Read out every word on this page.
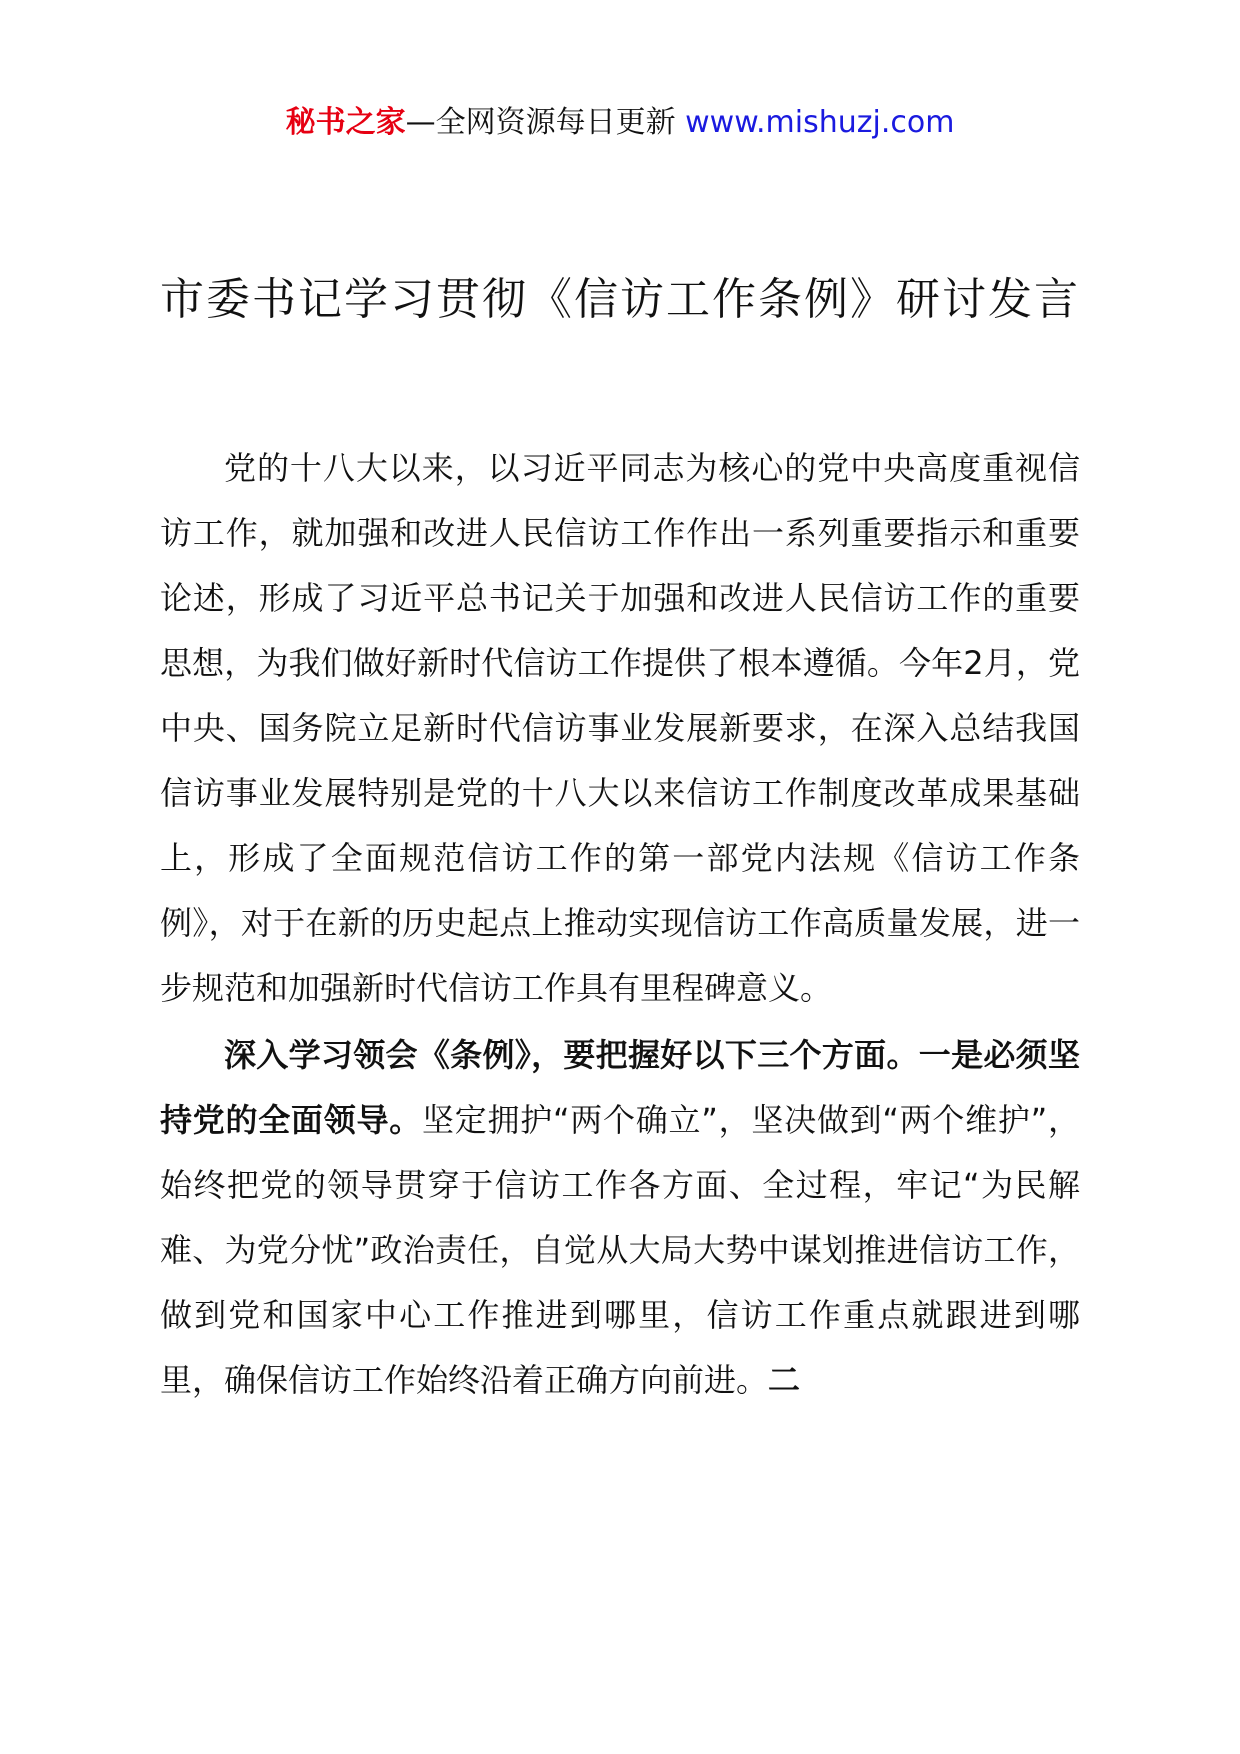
秘书之家—全网资源每日更新 www.mishuzj.com
市委书记学习贯彻《信访工作条例》研讨发言

党的十八大以来，以习近平同志为核心的党中央高度重视信访工作，就加强和改进人民信访工作作出一系列重要指示和重要论述，形成了习近平总书记关于加强和改进人民信访工作的重要思想，为我们做好新时代信访工作提供了根本遵循。今年2月，党中央、国务院立足新时代信访事业发展新要求，在深入总结我国信访事业发展特别是党的十八大以来信访工作制度改革成果基础上，形成了全面规范信访工作的第一部党内法规《信访工作条例》，对于在新的历史起点上推动实现信访工作高质量发展，进一步规范和加强新时代信访工作具有里程碑意义。

深入学习领会《条例》，要把握好以下三个方面。一是必须坚持党的全面领导。坚定拥护“两个确立”，坚决做到“两个维护”，始终把党的领导贯穿于信访工作各方面、全过程，牢记“为民解难、为党分忧”政治责任，自觉从大局大势中谋划推进信访工作，做到党和国家中心工作推进到哪里，信访工作重点就跟进到哪里，确保信访工作始终沿着正确方向前进。二
